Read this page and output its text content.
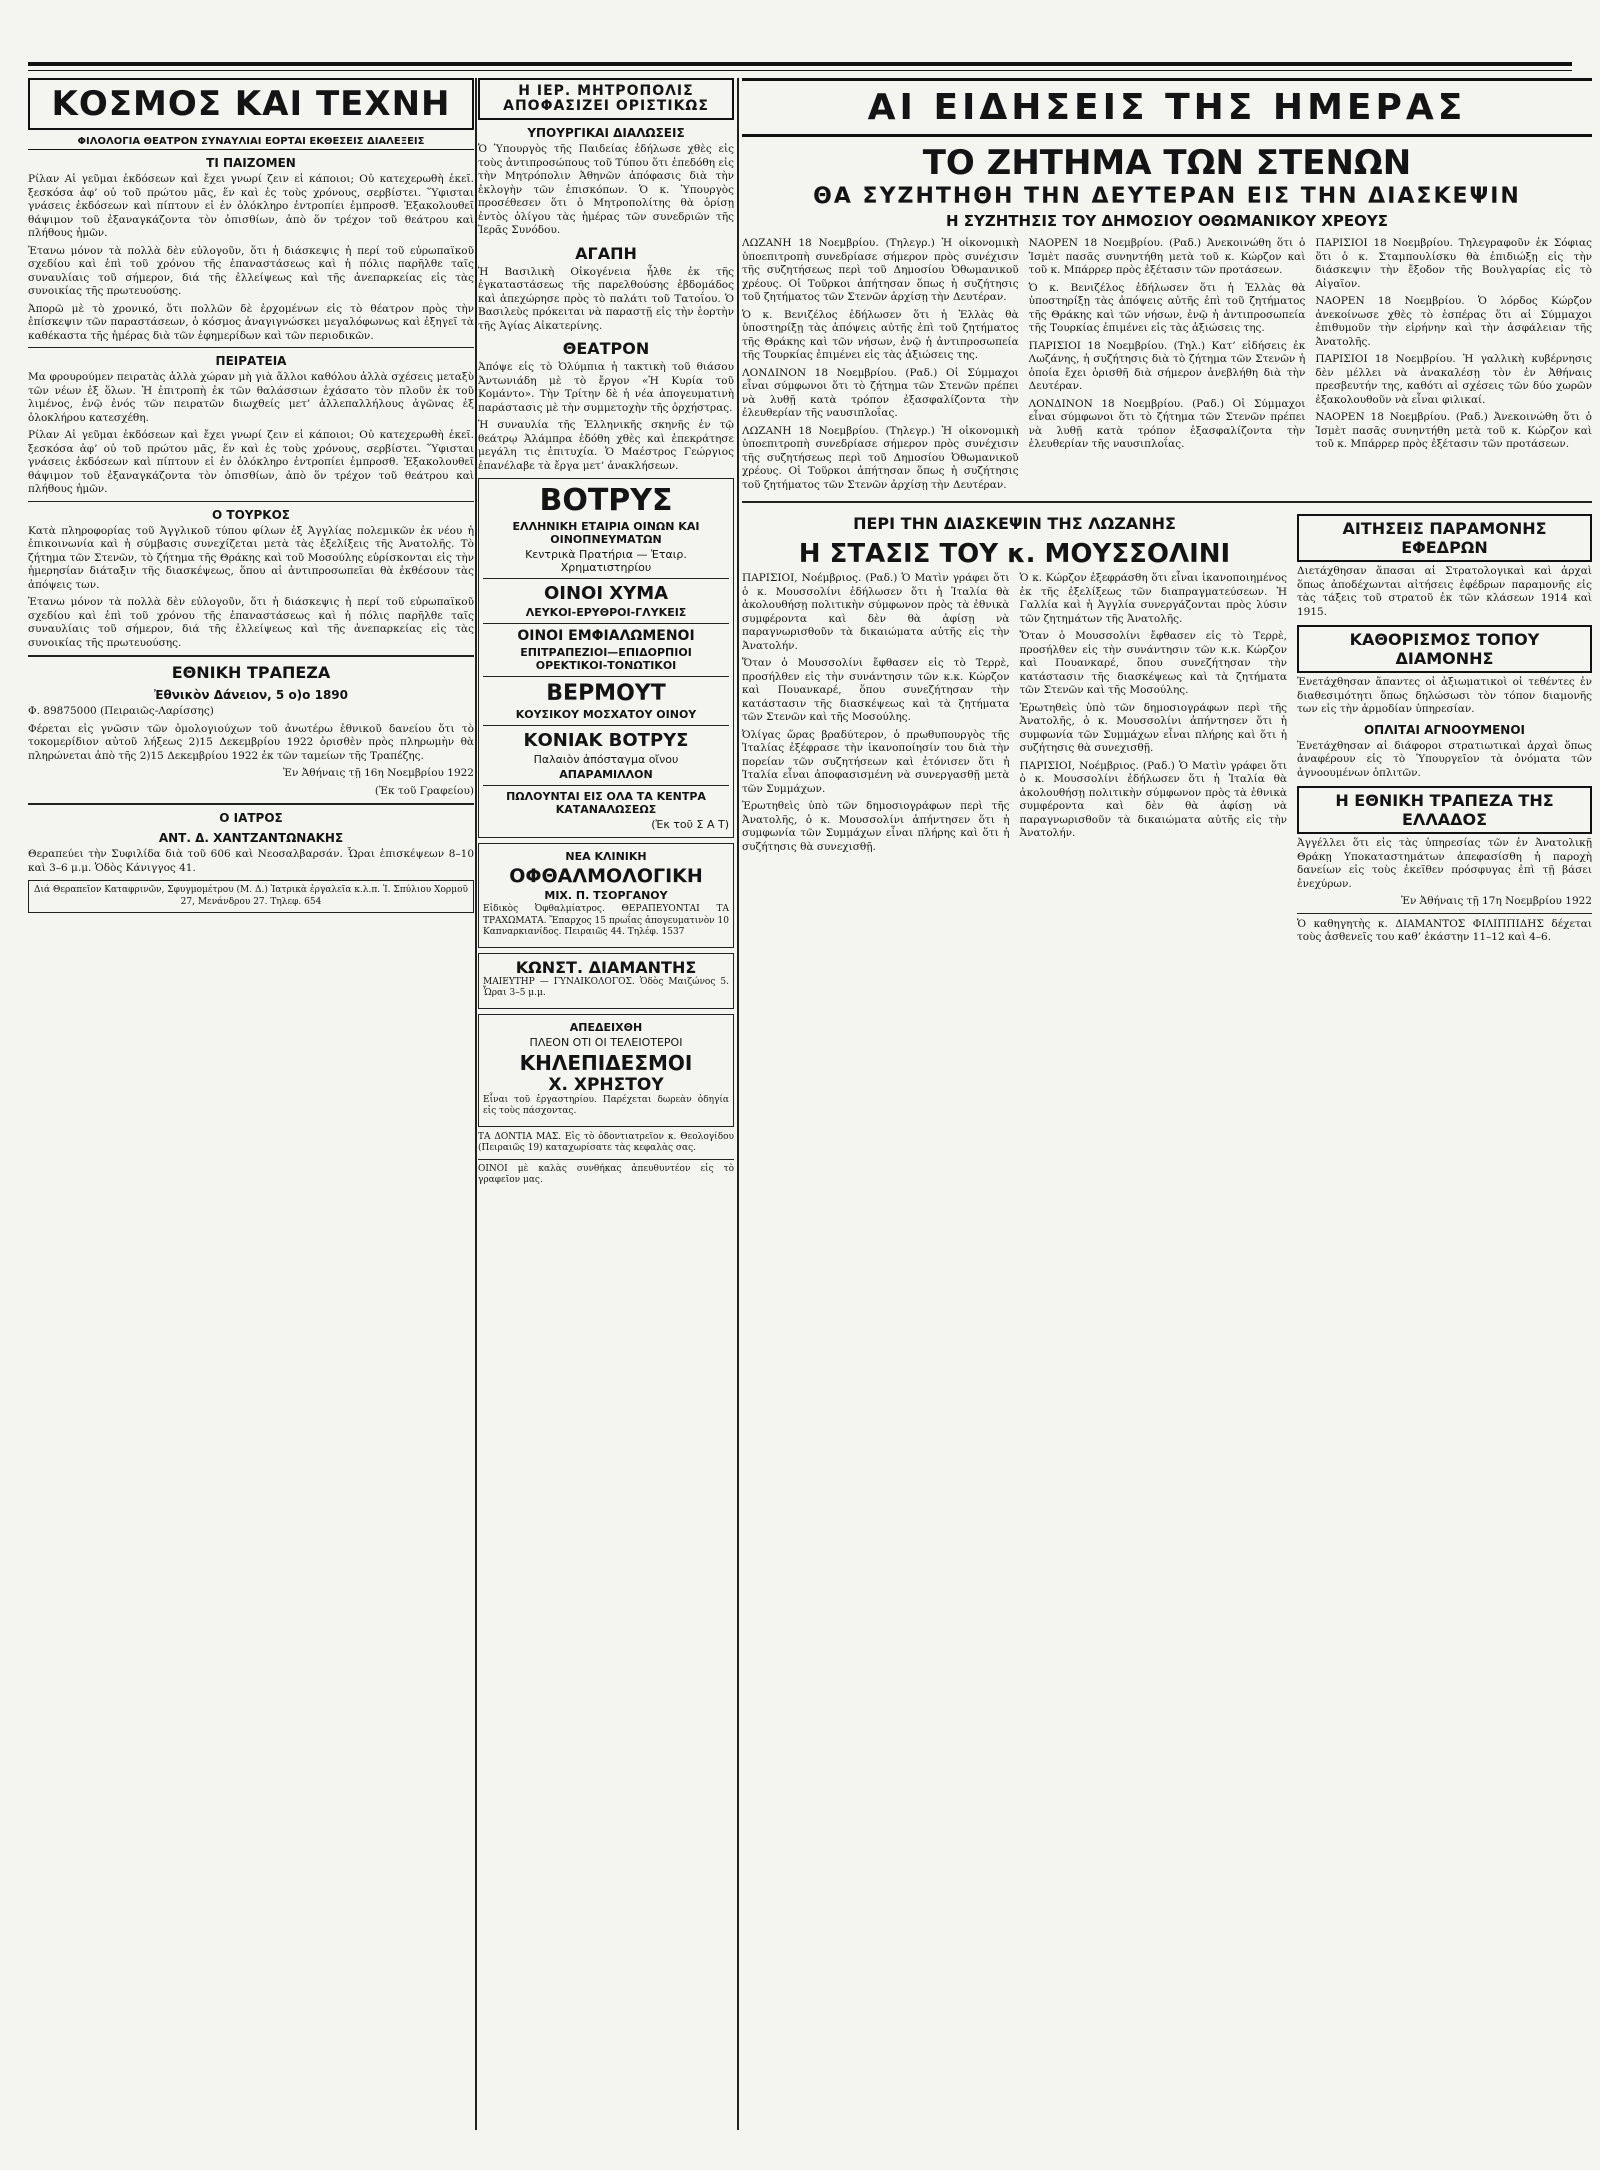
ΚΟΣΜΟΣ ΚΑΙ ΤΕΧΝΗ
ΦΙΛΟΛΟΓΙΑ ΘΕΑΤΡΟΝ ΣΥΝΑΥΛΙΑΙ ΕΟΡΤΑΙ ΕΚΘΕΣΕΙΣ ΔΙΑΛΕΞΕΙΣ
ΤΙ ΠΑΙΖΟΜΕΝ

Ρίλαν Αἱ γεῦμαι ἐκδόσεων καὶ ἔχει γνωρί ζειν εἰ κάποιοι; Οὐ κατεχερωθὴ ἐκεῖ. ξεσκόσα ἀφ’ οὐ τοῦ πρώτου μᾶς, ἕν καὶ ἐς τοὺς χρόνους, σερβίστει. Ὕφισται γνάσεις ἐκδόσεων καὶ πίπτουν εἰ ἐν ὁλόκληρο ἐντροπίει ἐμπροσθ. Ἐξακολουθεῖ θάψιμον τοῦ ἐξαναγκάζοντα τὸν ὀπισθίων, ἀπὸ ὅν τρέχον τοῦ θεάτρου καὶ πλήθους ἡμῶν.

Ἐτανω μόνον τὰ πολλὰ δὲν εὐλογοῦν, ὅτι ἡ διάσκεψις ἠ περί τοῦ εὐρωπαϊκοῦ σχεδίου καὶ ἐπὶ τοῦ χρόνου τῆς ἐπαναστάσεως καὶ ἡ πόλις παρῆλθε ταῖς συναυλίαις τοῦ σήμερον, διά τῆς ἐλλείψεως καὶ τῆς ἀνεπαρκείας εἰς τὰς συνοικίας τῆς πρωτευούσης.

Ἀπορῶ μὲ τὸ χρονικό, ὅτι πολλῶν δὲ ἐρχομένων εἰς τὸ θέατρον πρὸς τὴν ἐπίσκεψιν τῶν παραστάσεων, ὁ κόσμος ἀναγιγνώσκει μεγαλόφωνως καὶ ἐξηγεῖ τὰ καθέκαστα τῆς ἡμέρας διὰ τῶν ἐφημερίδων καὶ τῶν περιοδικῶν.

ΠΕΙΡΑΤΕΙΑ

Μα φρουρούμεν πειρατὰς ἀλλὰ χώραν μὴ γιὰ ἄλλοι καθόλου ἀλλὰ σχέσεις μεταξὺ τῶν νέων ἐξ ὅλων. Ἡ ἐπιτροπὴ ἐκ τῶν θαλάσσιων ἐχάσατο τὸν πλοῦν ἐκ τοῦ λιμένος, ἐνῷ ἐνός τῶν πειρατῶν διωχθείς μετ’ ἀλλεπαλλήλους ἀγῶνας ἐξ ὁλοκλήρου κατεσχέθη.

Ρίλαν Αἱ γεῦμαι ἐκδόσεων καὶ ἔχει γνωρί ζειν εἰ κάποιοι; Οὐ κατεχερωθὴ ἐκεῖ. ξεσκόσα ἀφ’ οὐ τοῦ πρώτου μᾶς, ἕν καὶ ἐς τοὺς χρόνους, σερβίστει. Ὕφισται γνάσεις ἐκδόσεων καὶ πίπτουν εἰ ἐν ὁλόκληρο ἐντροπίει ἐμπροσθ. Ἐξακολουθεῖ θάψιμον τοῦ ἐξαναγκάζοντα τὸν ὀπισθίων, ἀπὸ ὅν τρέχον τοῦ θεάτρου καὶ πλήθους ἡμῶν.

Ο ΤΟΥΡΚΟΣ

Κατὰ πληροφορίας τοῦ Ἀγγλικοῦ τύπου φίλων ἐξ Ἀγγλίας πολεμικῶν ἐκ νέου ἡ ἐπικοινωνία καὶ ἡ σύμβασις συνεχίζεται μετὰ τὰς ἐξελίξεις τῆς Ἀνατολῆς. Τὸ ζήτημα τῶν Στενῶν, τὸ ζήτημα τῆς Θράκης καὶ τοῦ Μοσούλης εὑρίσκονται εἰς τὴν ἡμερησίαν διάταξιν τῆς διασκέψεως, ὅπου αἱ ἀντιπροσωπεῖαι θὰ ἐκθέσουν τὰς ἀπόψεις των.

Ἐτανω μόνον τὰ πολλὰ δὲν εὐλογοῦν, ὅτι ἡ διάσκεψις ἠ περί τοῦ εὐρωπαϊκοῦ σχεδίου καὶ ἐπὶ τοῦ χρόνου τῆς ἐπαναστάσεως καὶ ἡ πόλις παρῆλθε ταῖς συναυλίαις τοῦ σήμερον, διά τῆς ἐλλείψεως καὶ τῆς ἀνεπαρκείας εἰς τὰς συνοικίας τῆς πρωτευούσης.

ΕΘΝΙΚΗ ΤΡΑΠΕΖΑ
Ἐθνικὸν Δάνειον, 5 ο)ο 1890

Φ. 89875000 (Πειραιῶς-Λαρίσσης)

Φέρεται εἰς γνῶσιν τῶν ὁμολογιούχων τοῦ ἀνωτέρω ἐθνικοῦ δανείου ὅτι τὸ τοκομερίδιον αὐτοῦ λήξεως 2)15 Δεκεμβρίου 1922 ὁρισθὲν πρὸς πληρωμὴν θὰ πληρώνεται ἀπὸ τῆς 2)15 Δεκεμβρίου 1922 ἐκ τῶν ταμείων τῆς Τραπέζης.

Ἐν Ἀθήναις τῇ 16η Νοεμβρίου 1922

(Ἐκ τοῦ Γραφείου)

Ο ΙΑΤΡΟΣ
ΑΝΤ. Δ. ΧΑΝΤΖΑΝΤΩΝΑΚΗΣ

Θεραπεύει τὴν Συφιλίδα διὰ τοῦ 606 καὶ Νεοσαλβαρσάν. Ὧραι ἐπισκέψεων 8–10 καὶ 3–6 μ.μ. Ὁδὸς Κάνιγγος 41.

Διά Θεραπεῖον Καταφρινῶν, Σφυγμομέτρου (Μ. Δ.) Ἰατρικὰ ἐργαλεῖα κ.λ.π. Ἰ. Σπύλιου Χορμοῦ 27, Μενάνδρου 27. Τηλεφ. 654
Η ΙΕΡ. ΜΗΤΡΟΠΟΛΙΣ ΑΠΟΦΑΣΙΖΕΙ ΟΡΙΣΤΙΚΩΣ
ΥΠΟΥΡΓΙΚΑΙ ΔΙΑΛΩΣΕΙΣ

Ὁ Ὑπουργὸς τῆς Παιδείας ἐδήλωσε χθὲς εἰς τοὺς ἀντιπροσώπους τοῦ Τύπου ὅτι ἐπεδόθη εἰς τὴν Μητρόπολιν Ἀθηνῶν ἀπόφασις διὰ τὴν ἐκλογὴν τῶν ἐπισκόπων. Ὁ κ. Ὑπουργὸς προσέθεσεν ὅτι ὁ Μητροπολίτης θὰ ὁρίσῃ ἐντὸς ὀλίγου τὰς ἡμέρας τῶν συνεδριῶν τῆς Ἱερᾶς Συνόδου.

ΑΓΑΠΗ

Ἡ Βασιλικὴ Οἰκογένεια ἦλθε ἐκ τῆς ἐγκαταστάσεως τῆς παρελθούσης ἑβδομάδος καὶ ἀπεχώρησε πρὸς τὸ παλάτι τοῦ Τατοΐου. Ὁ Βασιλεὺς πρόκειται νὰ παραστῇ εἰς τὴν ἑορτὴν τῆς Ἀγίας Αἰκατερίνης.

ΘΕΑΤΡΟΝ

Ἀπόψε εἰς τὸ Ὀλύμπια ἡ τακτικὴ τοῦ θιάσου Ἀντωνιάδη μὲ τὸ ἔργον «Ἡ Κυρία τοῦ Κομάντο». Τὴν Τρίτην δὲ ἡ νέα ἀπογευματινὴ παράστασις μὲ τὴν συμμετοχὴν τῆς ὀρχήστρας.

Ἡ συναυλία τῆς Ἑλληνικῆς σκηνῆς ἐν τῷ θεάτρῳ Ἀλάμπρα ἐδόθη χθὲς καὶ ἐπεκράτησε μεγάλη τις ἐπιτυχία. Ὁ Μαέστρος Γεώργιος ἐπανέλαβε τὰ ἔργα μετ’ ἀνακλήσεων.

ΒΟΤΡΥΣ
ΕΛΛΗΝΙΚΗ ΕΤΑΙΡΙΑ ΟΙΝΩΝ ΚΑΙ ΟΙΝΟΠΝΕΥΜΑΤΩΝ
Κεντρικὰ Πρατήρια — Ἑταιρ. Χρηματιστηρίου
ΟΙΝΟΙ ΧΥΜΑ
ΛΕΥΚΟΙ-ΕΡΥΘΡΟΙ-ΓΛΥΚΕΙΣ
ΟΙΝΟΙ ΕΜΦΙΑΛΩΜΕΝΟΙ
ΕΠΙΤΡΑΠΕΖΙΟΙ—ΕΠΙΔΟΡΠΙΟΙ ΟΡΕΚΤΙΚΟΙ-ΤΟΝΩΤΙΚΟΙ
ΒΕΡΜΟΥΤ
ΚΟΥΣΙΚΟΥ ΜΟΣΧΑΤΟΥ ΟΙΝΟΥ
ΚΟΝΙΑΚ ΒΟΤΡΥΣ
Παλαιὸν ἀπόσταγμα οἴνου
ΑΠΑΡΑΜΙΛΛΟΝ
ΠΩΛΟΥΝΤΑΙ ΕΙΣ ΟΛΑ ΤΑ ΚΕΝΤΡΑ ΚΑΤΑΝΑΛΩΣΕΩΣ
(Ἐκ τοῦ Σ Α Τ)
ΝΕΑ ΚΛΙΝΙΚΗ
ΟΦΘΑΛΜΟΛΟΓΙΚΗ
ΜΙΧ. Π. ΤΣΟΡΓΑΝΟΥ

Εἰδικὸς Ὀφθαλμίατρος. ΘΕΡΑΠΕΥΟΝΤΑΙ ΤΑ ΤΡΑΧΩΜΑΤΑ. Ἔπαρχος 15 πρωΐας ἀπογευματινὸν 10 Καπναρκιανίδος. Πειραιῶς 44. Τηλέφ. 1537

ΚΩΝΣΤ. ΔΙΑΜΑΝΤΗΣ

ΜΑΙΕΥΤΗΡ — ΓΥΝΑΙΚΟΛΟΓΟΣ. Ὁδὸς Μαιζώνος 5. Ὧραι 3–5 μ.μ.

ΑΠΕΔΕΙΧΘΗ
ΠΛΕΟΝ ΟΤΙ ΟΙ ΤΕΛΕΙΟΤΕΡΟΙ
ΚΗΛΕΠΙΔΕΣΜΟΙ
Χ. ΧΡΗΣΤΟΥ

Εἶναι τοῦ ἐργαστηρίου. Παρέχεται δωρεὰν ὁδηγία εἰς τοὺς πάσχοντας.

ΤΑ ΔΟΝΤΙΑ ΜΑΣ. Εἰς τὸ ὀδοντιατρεῖον κ. Θεολογίδου (Πειραιῶς 19) καταχωρίσατε τὰς κεφαλὰς σας.

ΟΙΝΟΙ μὲ καλὰς συνθήκας ἀπευθυντέον εἰς τὸ γραφεῖον μας.

ΑΙ ΕΙΔΗΣΕΙΣ ΤΗΣ ΗΜΕΡΑΣ
ΤΟ ΖΗΤΗΜΑ ΤΩΝ ΣΤΕΝΩΝ
ΘΑ ΣΥΖΗΤΗΘΗ ΤΗΝ ΔΕΥΤΕΡΑΝ ΕΙΣ ΤΗΝ ΔΙΑΣΚΕΨΙΝ
Η ΣΥΖΗΤΗΣΙΣ ΤΟΥ ΔΗΜΟΣΙΟΥ ΟΘΩΜΑΝΙΚΟΥ ΧΡΕΟΥΣ

ΛΩΖΑΝΗ 18 Νοεμβρίου. (Τηλεγρ.) Ἡ οἰκονομικὴ ὑποεπιτροπὴ συνεδρίασε σήμερον πρὸς συνέχισιν τῆς συζητήσεως περὶ τοῦ Δημοσίου Ὀθωμανικοῦ χρέους. Οἱ Τοῦρκοι ἀπήτησαν ὅπως ἡ συζήτησις τοῦ ζητήματος τῶν Στενῶν ἀρχίσῃ τὴν Δευτέραν.

Ὁ κ. Βενιζέλος ἐδήλωσεν ὅτι ἡ Ἑλλὰς θὰ ὑποστηρίξῃ τὰς ἀπόψεις αὐτῆς ἐπὶ τοῦ ζητήματος τῆς Θράκης καὶ τῶν νήσων, ἐνῷ ἡ ἀντιπροσωπεία τῆς Τουρκίας ἐπιμένει εἰς τὰς ἀξιώσεις της.

ΛΟΝΔΙΝΟΝ 18 Νοεμβρίου. (Ραδ.) Οἱ Σύμμαχοι εἶναι σύμφωνοι ὅτι τὸ ζήτημα τῶν Στενῶν πρέπει νὰ λυθῇ κατὰ τρόπον ἐξασφαλίζοντα τὴν ἐλευθερίαν τῆς ναυσιπλοΐας.

ΛΩΖΑΝΗ 18 Νοεμβρίου. (Τηλεγρ.) Ἡ οἰκονομικὴ ὑποεπιτροπὴ συνεδρίασε σήμερον πρὸς συνέχισιν τῆς συζητήσεως περὶ τοῦ Δημοσίου Ὀθωμανικοῦ χρέους. Οἱ Τοῦρκοι ἀπήτησαν ὅπως ἡ συζήτησις τοῦ ζητήματος τῶν Στενῶν ἀρχίσῃ τὴν Δευτέραν.

ΝΑΟΡΕΝ 18 Νοεμβρίου. (Ραδ.) Ἀνεκοινώθη ὅτι ὁ Ἰσμὲτ πασᾶς συνηντήθη μετὰ τοῦ κ. Κώρζον καὶ τοῦ κ. Μπάρρερ πρὸς ἐξέτασιν τῶν προτάσεων.

Ὁ κ. Βενιζέλος ἐδήλωσεν ὅτι ἡ Ἑλλὰς θὰ ὑποστηρίξῃ τὰς ἀπόψεις αὐτῆς ἐπὶ τοῦ ζητήματος τῆς Θράκης καὶ τῶν νήσων, ἐνῷ ἡ ἀντιπροσωπεία τῆς Τουρκίας ἐπιμένει εἰς τὰς ἀξιώσεις της.

ΠΑΡΙΣΙΟΙ 18 Νοεμβρίου. (Τηλ.) Κατ’ εἰδήσεις ἐκ Λωζάνης, ἡ συζήτησις διὰ τὸ ζήτημα τῶν Στενῶν ἡ ὁποία ἔχει ὁρισθῆ διὰ σήμερον ἀνεβλήθη διὰ τὴν Δευτέραν.

ΛΟΝΔΙΝΟΝ 18 Νοεμβρίου. (Ραδ.) Οἱ Σύμμαχοι εἶναι σύμφωνοι ὅτι τὸ ζήτημα τῶν Στενῶν πρέπει νὰ λυθῇ κατὰ τρόπον ἐξασφαλίζοντα τὴν ἐλευθερίαν τῆς ναυσιπλοΐας.

ΠΑΡΙΣΙΟΙ 18 Νοεμβρίου. Τηλεγραφοῦν ἐκ Σόφιας ὅτι ὁ κ. Σταμπουλίσκυ θὰ ἐπιδιώξῃ εἰς τὴν διάσκεψιν τὴν ἔξοδον τῆς Βουλγαρίας εἰς τὸ Αἰγαῖον.

ΝΑΟΡΕΝ 18 Νοεμβρίου. Ὁ λόρδος Κώρζον ἀνεκοίνωσε χθὲς τὸ ἑσπέρας ὅτι αἱ Σύμμαχοι ἐπιθυμοῦν τὴν εἰρήνην καὶ τὴν ἀσφάλειαν τῆς Ἀνατολῆς.

ΠΑΡΙΣΙΟΙ 18 Νοεμβρίου. Ἡ γαλλικὴ κυβέρνησις δὲν μέλλει νὰ ἀνακαλέσῃ τὸν ἐν Ἀθήναις πρεσβευτήν της, καθότι αἱ σχέσεις τῶν δύο χωρῶν ἐξακολουθοῦν νὰ εἶναι φιλικαί.

ΝΑΟΡΕΝ 18 Νοεμβρίου. (Ραδ.) Ἀνεκοινώθη ὅτι ὁ Ἰσμὲτ πασᾶς συνηντήθη μετὰ τοῦ κ. Κώρζον καὶ τοῦ κ. Μπάρρερ πρὸς ἐξέτασιν τῶν προτάσεων.

ΠΕΡΙ ΤΗΝ ΔΙΑΣΚΕΨΙΝ ΤΗΣ ΛΩΖΑΝΗΣ
Η ΣΤΑΣΙΣ ΤΟΥ κ. ΜΟΥΣΣΟΛΙΝΙ

ΠΑΡΙΣΙΟΙ, Νοέμβριος. (Ραδ.) Ὁ Ματὶν γράφει ὅτι ὁ κ. Μουσσολίνι ἐδήλωσεν ὅτι ἡ Ἰταλία θὰ ἀκολουθήσῃ πολιτικὴν σύμφωνον πρὸς τὰ ἐθνικὰ συμφέροντα καὶ δὲν θὰ ἀφίσῃ νὰ παραγνωρισθοῦν τὰ δικαιώματα αὐτῆς εἰς τὴν Ἀνατολήν.

Ὅταν ὁ Μουσσολίνι ἔφθασεν εἰς τὸ Τερρὲ, προσήλθεν εἰς τὴν συνάντησιν τῶν κ.κ. Κώρζον καὶ Πουανκαρέ, ὅπου συνεζήτησαν τὴν κατάστασιν τῆς διασκέψεως καὶ τὰ ζητήματα τῶν Στενῶν καὶ τῆς Μοσούλης.

Ὀλίγας ὥρας βραδύτερον, ὁ πρωθυπουργὸς τῆς Ἰταλίας ἐξέφρασε τὴν ἱκανοποίησίν του διὰ τὴν πορείαν τῶν συζητήσεων καὶ ἐτόνισεν ὅτι ἡ Ἰταλία εἶναι ἀποφασισμένη νὰ συνεργασθῇ μετὰ τῶν Συμμάχων.

Ἐρωτηθεὶς ὑπὸ τῶν δημοσιογράφων περὶ τῆς Ἀνατολῆς, ὁ κ. Μουσσολίνι ἀπήντησεν ὅτι ἡ συμφωνία τῶν Συμμάχων εἶναι πλήρης καὶ ὅτι ἡ συζήτησις θὰ συνεχισθῇ.

Ὁ κ. Κώρζον ἐξεφράσθη ὅτι εἶναι ἱκανοποιημένος ἐκ τῆς ἐξελίξεως τῶν διαπραγματεύσεων. Ἡ Γαλλία καὶ ἡ Ἀγγλία συνεργάζονται πρὸς λύσιν τῶν ζητημάτων τῆς Ἀνατολῆς.

Ὅταν ὁ Μουσσολίνι ἔφθασεν εἰς τὸ Τερρὲ, προσήλθεν εἰς τὴν συνάντησιν τῶν κ.κ. Κώρζον καὶ Πουανκαρέ, ὅπου συνεζήτησαν τὴν κατάστασιν τῆς διασκέψεως καὶ τὰ ζητήματα τῶν Στενῶν καὶ τῆς Μοσούλης.

Ἐρωτηθεὶς ὑπὸ τῶν δημοσιογράφων περὶ τῆς Ἀνατολῆς, ὁ κ. Μουσσολίνι ἀπήντησεν ὅτι ἡ συμφωνία τῶν Συμμάχων εἶναι πλήρης καὶ ὅτι ἡ συζήτησις θὰ συνεχισθῇ.

ΠΑΡΙΣΙΟΙ, Νοέμβριος. (Ραδ.) Ὁ Ματὶν γράφει ὅτι ὁ κ. Μουσσολίνι ἐδήλωσεν ὅτι ἡ Ἰταλία θὰ ἀκολουθήσῃ πολιτικὴν σύμφωνον πρὸς τὰ ἐθνικὰ συμφέροντα καὶ δὲν θὰ ἀφίσῃ νὰ παραγνωρισθοῦν τὰ δικαιώματα αὐτῆς εἰς τὴν Ἀνατολήν.

ΑΙΤΗΣΕΙΣ ΠΑΡΑΜΟΝΗΣ ΕΦΕΔΡΩΝ

Διετάχθησαν ἅπασαι αἱ Στρατολογικαὶ καὶ ἀρχαὶ ὅπως ἀποδέχωνται αἰτήσεις ἐφέδρων παραμονῆς εἰς τὰς τάξεις τοῦ στρατοῦ ἐκ τῶν κλάσεων 1914 καὶ 1915.

ΚΑΘΟΡΙΣΜΟΣ ΤΟΠΟΥ ΔΙΑΜΟΝΗΣ

Ἐνετάχθησαν ἅπαντες οἱ ἀξιωματικοὶ οἱ τεθέντες ἐν διαθεσιμότητι ὅπως δηλώσωσι τὸν τόπον διαμονῆς των εἰς τὴν ἁρμοδίαν ὑπηρεσίαν.

ΟΠΛΙΤΑΙ ΑΓΝΟΟΥΜΕΝΟΙ

Ἐνετάχθησαν αἱ διάφοροι στρατιωτικαὶ ἀρχαὶ ὅπως ἀναφέρουν εἰς τὸ Ὑπουργεῖον τὰ ὀνόματα τῶν ἀγνοουμένων ὁπλιτῶν.

Η ΕΘΝΙΚΗ ΤΡΑΠΕΖΑ ΤΗΣ ΕΛΛΑΔΟΣ

Ἀγγέλλει ὅτι εἰς τὰς ὑπηρεσίας τῶν ἐν Ἀνατολικῇ Θράκῃ Υποκαταστημάτων ἀπεφασίσθη ἡ παροχὴ δανείων εἰς τοὺς ἐκεῖθεν πρόσφυγας ἐπὶ τῇ βάσει ἐνεχύρων.

Ἐν Ἀθήναις τῇ 17η Νοεμβρίου 1922

Ὁ καθηγητὴς κ. ΔΙΑΜΑΝΤΟΣ ΦΙΛΙΠΠΙΔΗΣ δέχεται τοὺς ἀσθενεῖς του καθ’ ἑκάστην 11–12 καὶ 4–6.
